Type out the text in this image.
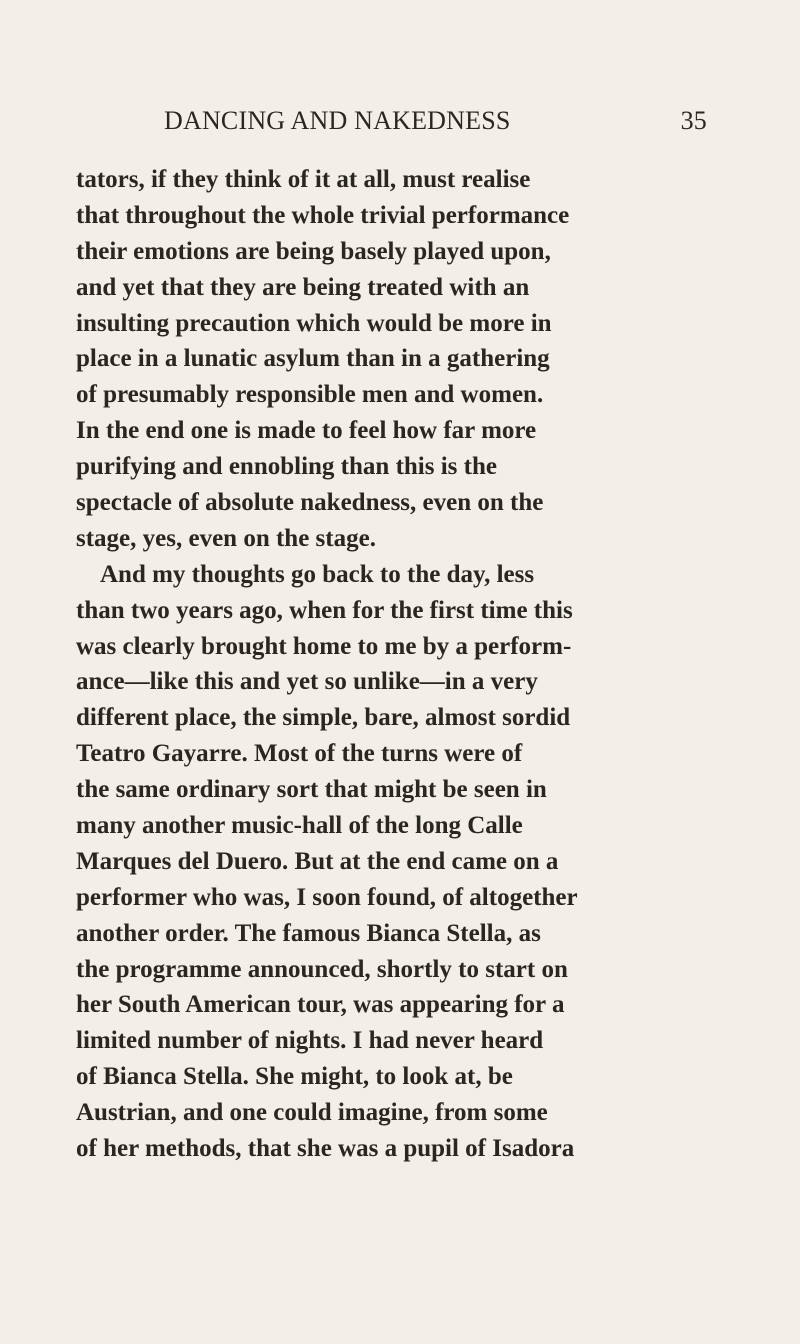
DANCING AND NAKEDNESS	35
tators, if they think of it at all, must realise
that throughout the whole trivial performance
their emotions are being basely played upon,
and yet that they are being treated with an
insulting precaution which would be more in
place in a lunatic asylum than in a gathering
of presumably responsible men and women.
In the end one is made to feel how far more
purifying and ennobling than this is the
spectacle of absolute nakedness, even on the
stage, yes, even on the stage.
And my thoughts go back to the day, less
than two years ago, when for the first time this
was clearly brought home to me by a perform-
ance—like this and yet so unlike—in a very
different place, the simple, bare, almost sordid
Teatro Gayarre. Most of the turns were of
the same ordinary sort that might be seen in
many another music-hall of the long Calle
Marques del Duero. But at the end came on a
performer who was, I soon found, of altogether
another order. The famous Bianca Stella, as
the programme announced, shortly to start on
her South American tour, was appearing for a
limited number of nights. I had never heard
of Bianca Stella. She might, to look at, be
Austrian, and one could imagine, from some
of her methods, that she was a pupil of Isadora
